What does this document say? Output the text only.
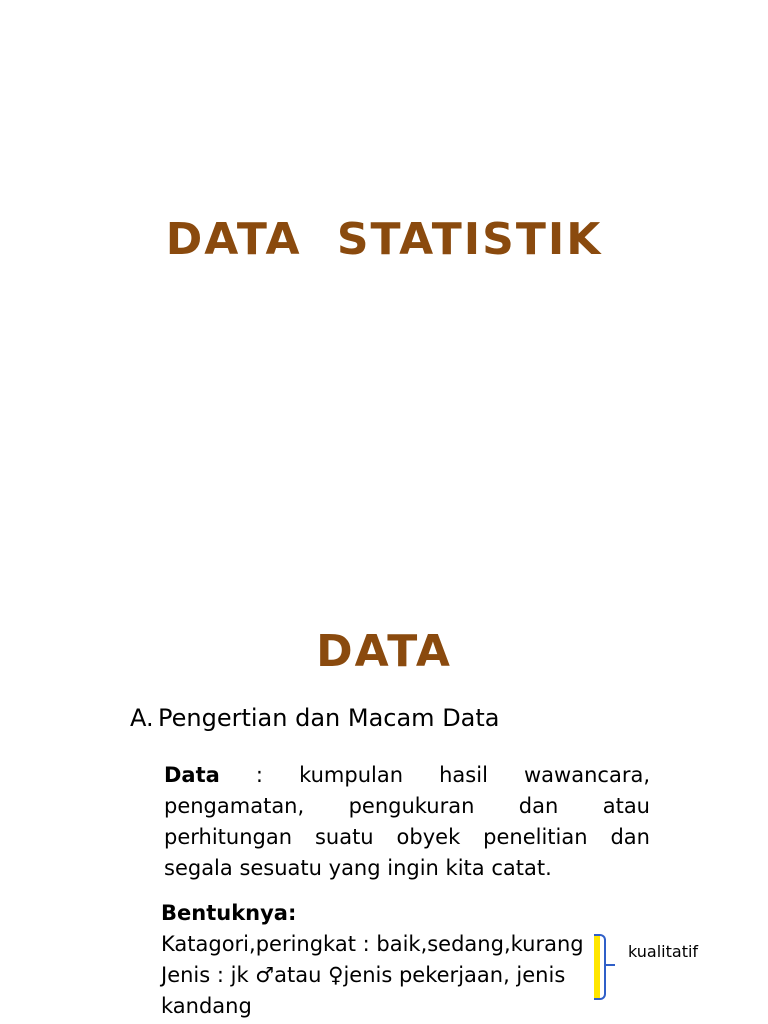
DATA STATISTIK
DATA
A. Pengertian dan Macam Data
Data : kumpulan hasil wawancara, pengamatan, pengukuran dan atau perhitungan suatu obyek penelitian dan segala sesuatu yang ingin kita catat.
Bentuknya:
Katagori,peringkat : baik,sedang,kurang
Jenis : jk ♂atau ♀jenis pekerjaan, jenis kandang
kualitatif
